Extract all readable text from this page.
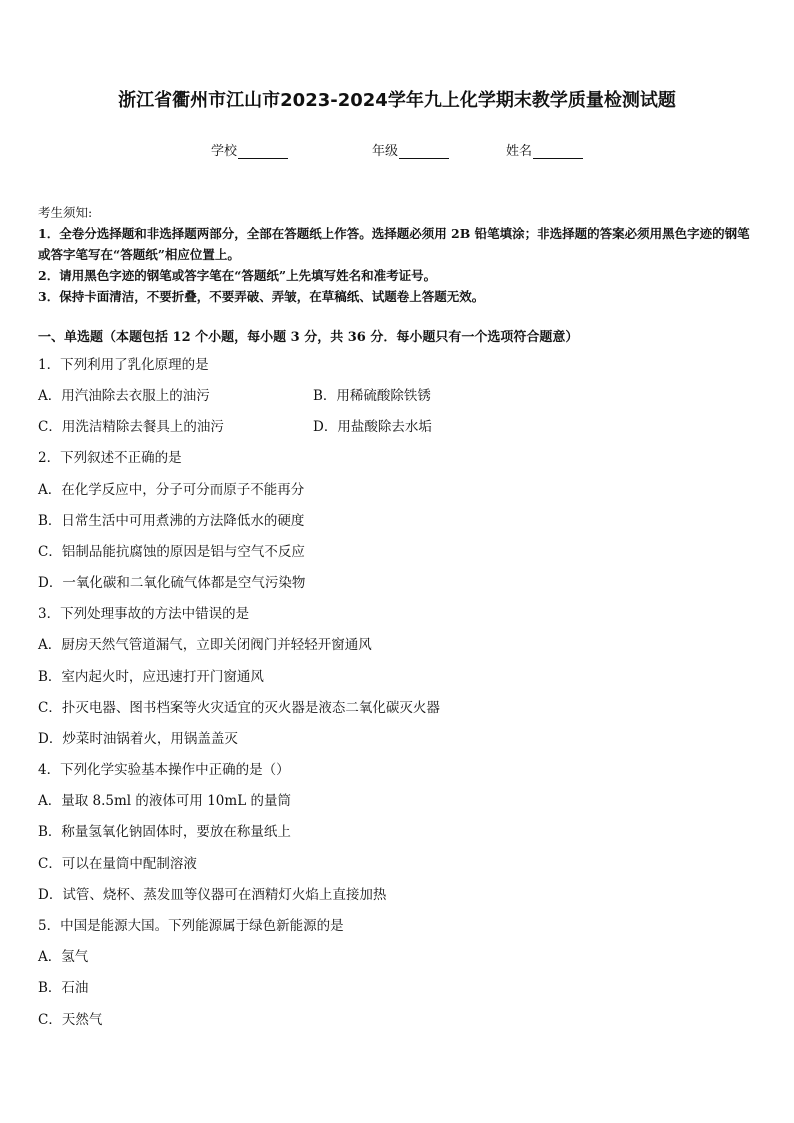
浙江省衢州市江山市2023-2024学年九上化学期末教学质量检测试题
学校	年级	姓名
考生须知:
1．全卷分选择题和非选择题两部分，全部在答题纸上作答。选择题必须用 2B 铅笔填涂；非选择题的答案必须用黑色字迹的钢笔或答字笔写在“答题纸”相应位置上。
2．请用黑色字迹的钢笔或答字笔在“答题纸”上先填写姓名和准考证号。
3．保持卡面清洁，不要折叠，不要弄破、弄皱，在草稿纸、试题卷上答题无效。
一、单选题（本题包括 12 个小题，每小题 3 分，共 36 分．每小题只有一个选项符合题意）
1．下列利用了乳化原理的是
A．用汽油除去衣服上的油污	B．用稀硫酸除铁锈
C．用洗洁精除去餐具上的油污	D．用盐酸除去水垢
2．下列叙述不正确的是
A．在化学反应中，分子可分而原子不能再分
B．日常生活中可用煮沸的方法降低水的硬度
C．铝制品能抗腐蚀的原因是铝与空气不反应
D．一氧化碳和二氧化硫气体都是空气污染物
3．下列处理事故的方法中错误的是
A．厨房天然气管道漏气，立即关闭阀门并轻轻开窗通风
B．室内起火时，应迅速打开门窗通风
C．扑灭电器、图书档案等火灾适宜的灭火器是液态二氧化碳灭火器
D．炒菜时油锅着火，用锅盖盖灭
4．下列化学实验基本操作中正确的是（）
A．量取 8.5ml 的液体可用 10mL 的量筒
B．称量氢氧化钠固体时，要放在称量纸上
C．可以在量筒中配制溶液
D．试管、烧杯、蒸发皿等仪器可在酒精灯火焰上直接加热
5．中国是能源大国。下列能源属于绿色新能源的是
A．氢气
B．石油
C．天然气
